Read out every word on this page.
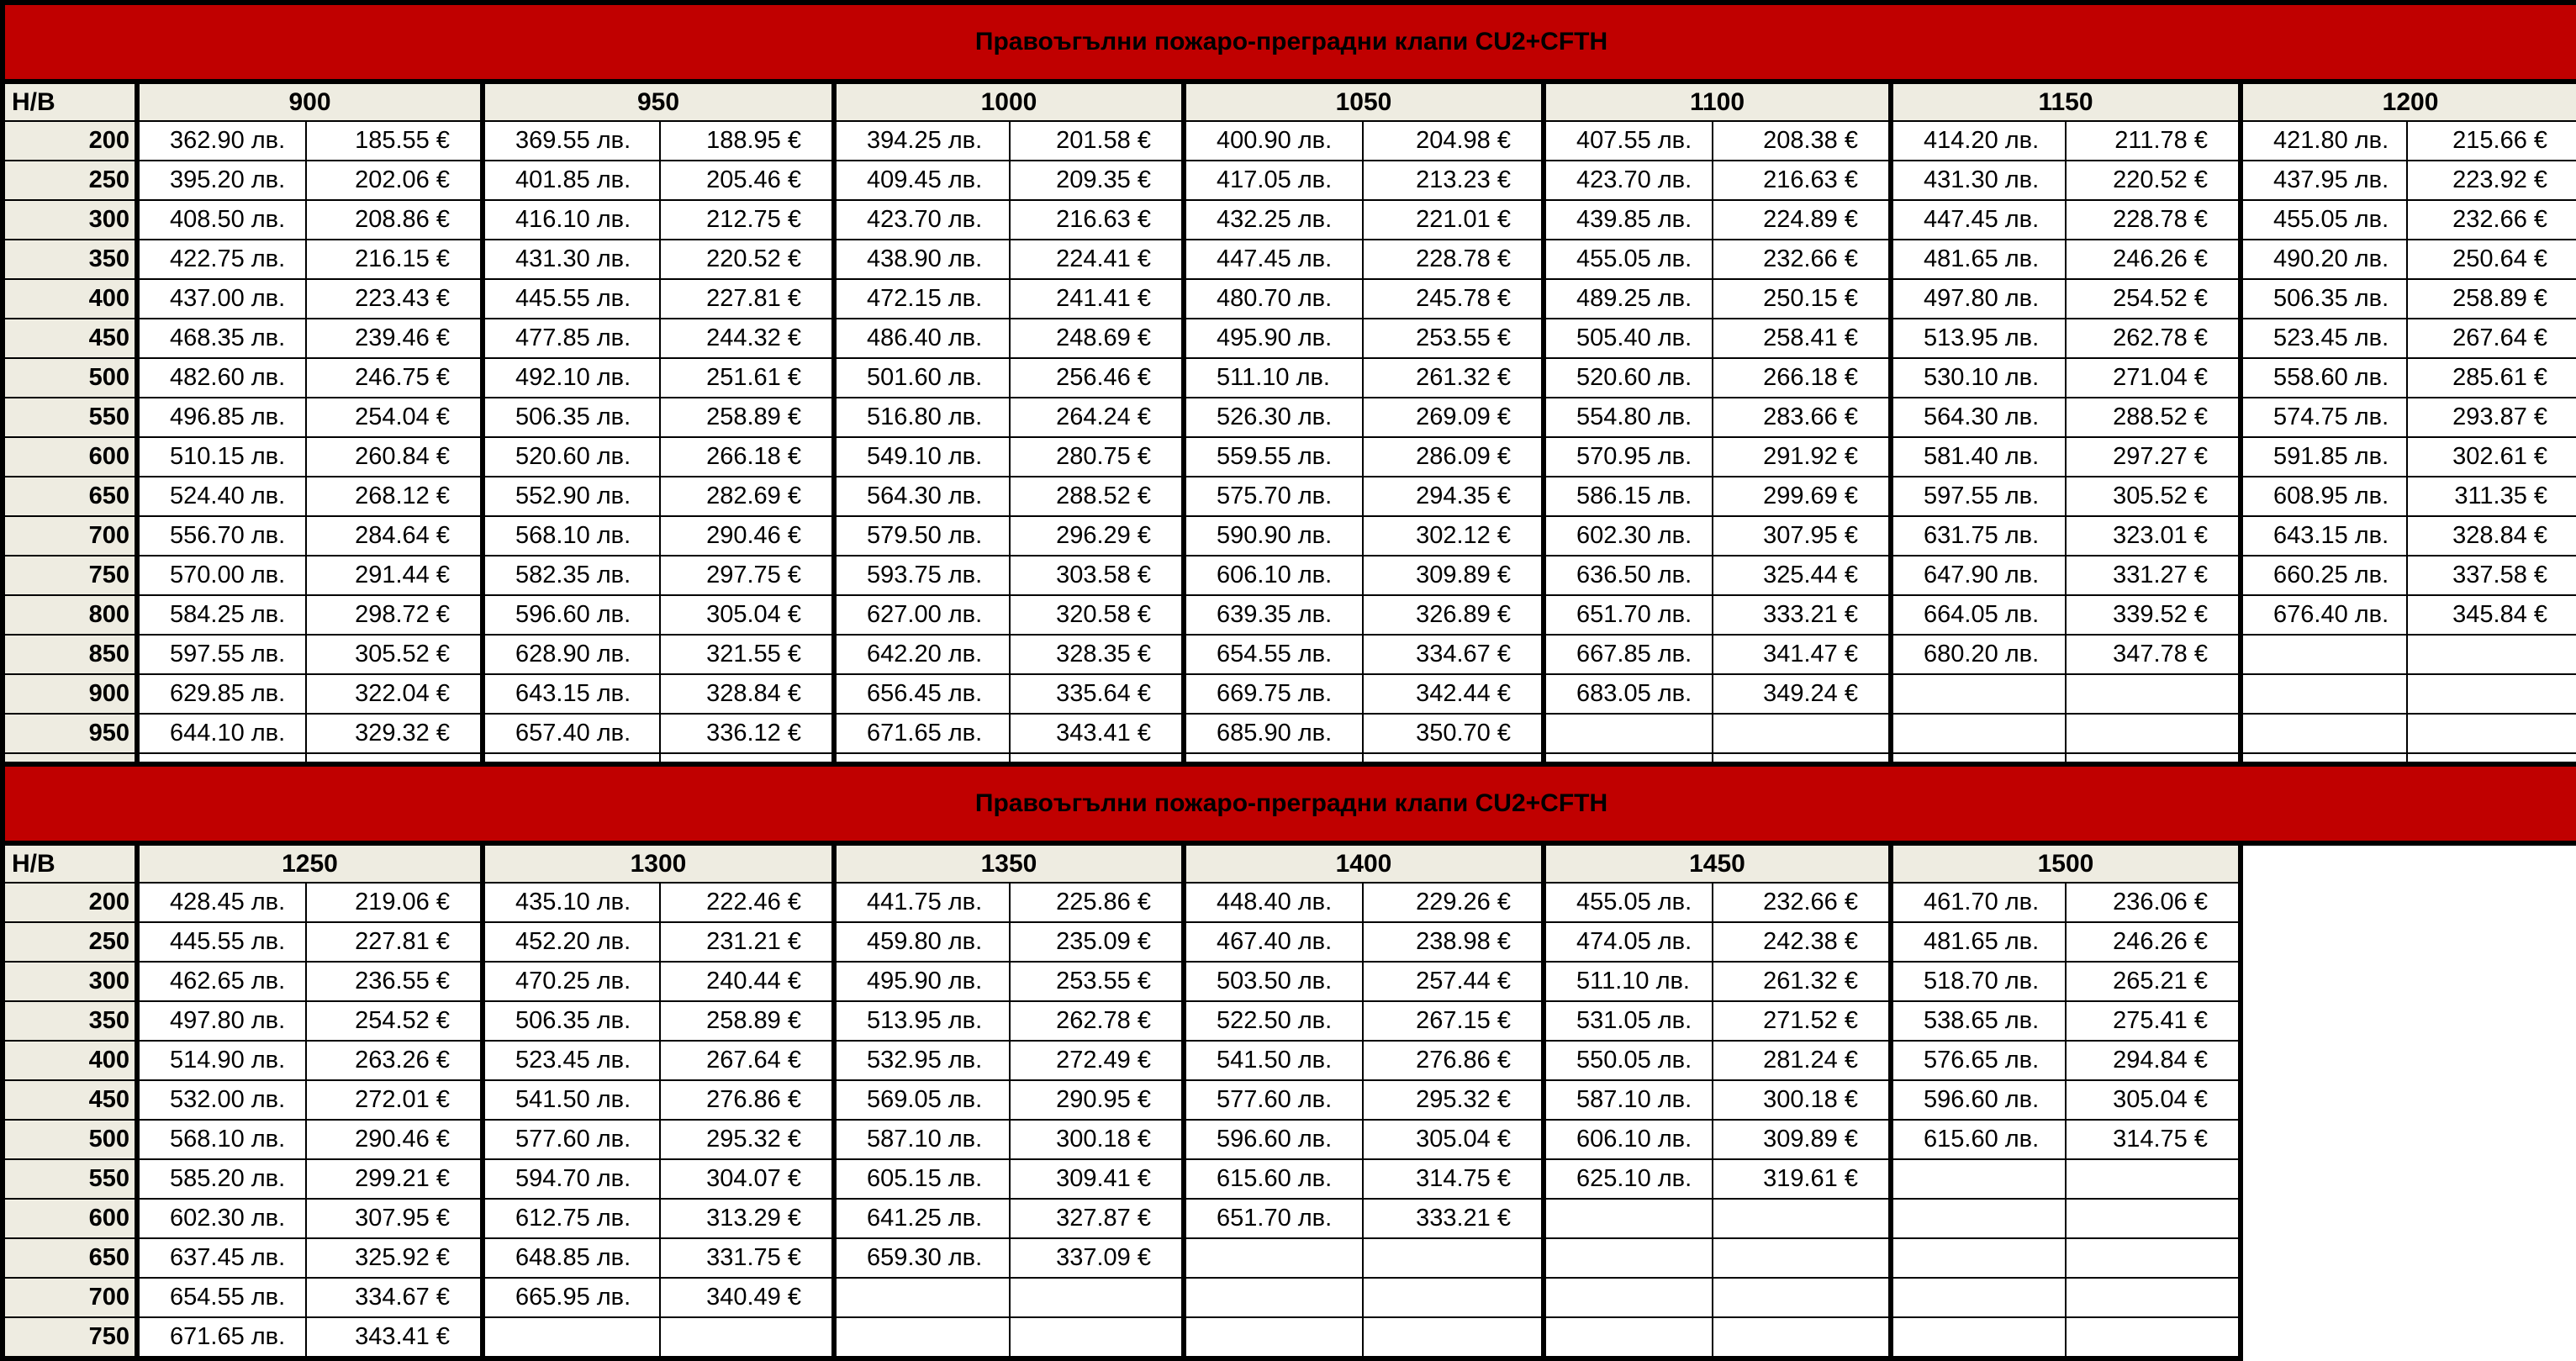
Правоъгълни пожаро-преградни клапи CU2+CFTH														
H/B	900		950		1000		1050		1100		1150		1200	
200	362.90 лв.	185.55 €	369.55 лв.	188.95 €	394.25 лв.	201.58 €	400.90 лв.	204.98 €	407.55 лв.	208.38 €	414.20 лв.	211.78 €	421.80 лв.	215.66 €
250	395.20 лв.	202.06 €	401.85 лв.	205.46 €	409.45 лв.	209.35 €	417.05 лв.	213.23 €	423.70 лв.	216.63 €	431.30 лв.	220.52 €	437.95 лв.	223.92 €
300	408.50 лв.	208.86 €	416.10 лв.	212.75 €	423.70 лв.	216.63 €	432.25 лв.	221.01 €	439.85 лв.	224.89 €	447.45 лв.	228.78 €	455.05 лв.	232.66 €
350	422.75 лв.	216.15 €	431.30 лв.	220.52 €	438.90 лв.	224.41 €	447.45 лв.	228.78 €	455.05 лв.	232.66 €	481.65 лв.	246.26 €	490.20 лв.	250.64 €
400	437.00 лв.	223.43 €	445.55 лв.	227.81 €	472.15 лв.	241.41 €	480.70 лв.	245.78 €	489.25 лв.	250.15 €	497.80 лв.	254.52 €	506.35 лв.	258.89 €
450	468.35 лв.	239.46 €	477.85 лв.	244.32 €	486.40 лв.	248.69 €	495.90 лв.	253.55 €	505.40 лв.	258.41 €	513.95 лв.	262.78 €	523.45 лв.	267.64 €
500	482.60 лв.	246.75 €	492.10 лв.	251.61 €	501.60 лв.	256.46 €	511.10 лв.	261.32 €	520.60 лв.	266.18 €	530.10 лв.	271.04 €	558.60 лв.	285.61 €
550	496.85 лв.	254.04 €	506.35 лв.	258.89 €	516.80 лв.	264.24 €	526.30 лв.	269.09 €	554.80 лв.	283.66 €	564.30 лв.	288.52 €	574.75 лв.	293.87 €
600	510.15 лв.	260.84 €	520.60 лв.	266.18 €	549.10 лв.	280.75 €	559.55 лв.	286.09 €	570.95 лв.	291.92 €	581.40 лв.	297.27 €	591.85 лв.	302.61 €
650	524.40 лв.	268.12 €	552.90 лв.	282.69 €	564.30 лв.	288.52 €	575.70 лв.	294.35 €	586.15 лв.	299.69 €	597.55 лв.	305.52 €	608.95 лв.	311.35 €
700	556.70 лв.	284.64 €	568.10 лв.	290.46 €	579.50 лв.	296.29 €	590.90 лв.	302.12 €	602.30 лв.	307.95 €	631.75 лв.	323.01 €	643.15 лв.	328.84 €
750	570.00 лв.	291.44 €	582.35 лв.	297.75 €	593.75 лв.	303.58 €	606.10 лв.	309.89 €	636.50 лв.	325.44 €	647.90 лв.	331.27 €	660.25 лв.	337.58 €
800	584.25 лв.	298.72 €	596.60 лв.	305.04 €	627.00 лв.	320.58 €	639.35 лв.	326.89 €	651.70 лв.	333.21 €	664.05 лв.	339.52 €	676.40 лв.	345.84 €
850	597.55 лв.	305.52 €	628.90 лв.	321.55 €	642.20 лв.	328.35 €	654.55 лв.	334.67 €	667.85 лв.	341.47 €	680.20 лв.	347.78 €		
900	629.85 лв.	322.04 €	643.15 лв.	328.84 €	656.45 лв.	335.64 €	669.75 лв.	342.44 €	683.05 лв.	349.24 €				
950	644.10 лв.	329.32 €	657.40 лв.	336.12 €	671.65 лв.	343.41 €	685.90 лв.	350.70 €						

Правоъгълни пожаро-преградни клапи CU2+CFTH													
H/B	1250		1300		1350		1400		1450		1500		
200	428.45 лв.	219.06 €	435.10 лв.	222.46 €	441.75 лв.	225.86 €	448.40 лв.	229.26 €	455.05 лв.	232.66 €	461.70 лв.	236.06 €	
250	445.55 лв.	227.81 €	452.20 лв.	231.21 €	459.80 лв.	235.09 €	467.40 лв.	238.98 €	474.05 лв.	242.38 €	481.65 лв.	246.26 €	
300	462.65 лв.	236.55 €	470.25 лв.	240.44 €	495.90 лв.	253.55 €	503.50 лв.	257.44 €	511.10 лв.	261.32 €	518.70 лв.	265.21 €	
350	497.80 лв.	254.52 €	506.35 лв.	258.89 €	513.95 лв.	262.78 €	522.50 лв.	267.15 €	531.05 лв.	271.52 €	538.65 лв.	275.41 €	
400	514.90 лв.	263.26 €	523.45 лв.	267.64 €	532.95 лв.	272.49 €	541.50 лв.	276.86 €	550.05 лв.	281.24 €	576.65 лв.	294.84 €	
450	532.00 лв.	272.01 €	541.50 лв.	276.86 €	569.05 лв.	290.95 €	577.60 лв.	295.32 €	587.10 лв.	300.18 €	596.60 лв.	305.04 €	
500	568.10 лв.	290.46 €	577.60 лв.	295.32 €	587.10 лв.	300.18 €	596.60 лв.	305.04 €	606.10 лв.	309.89 €	615.60 лв.	314.75 €	
550	585.20 лв.	299.21 €	594.70 лв.	304.07 €	605.15 лв.	309.41 €	615.60 лв.	314.75 €	625.10 лв.	319.61 €			
600	602.30 лв.	307.95 €	612.75 лв.	313.29 €	641.25 лв.	327.87 €	651.70 лв.	333.21 €					
650	637.45 лв.	325.92 €	648.85 лв.	331.75 €	659.30 лв.	337.09 €							
700	654.55 лв.	334.67 €	665.95 лв.	340.49 €									
750	671.65 лв.	343.41 €											
